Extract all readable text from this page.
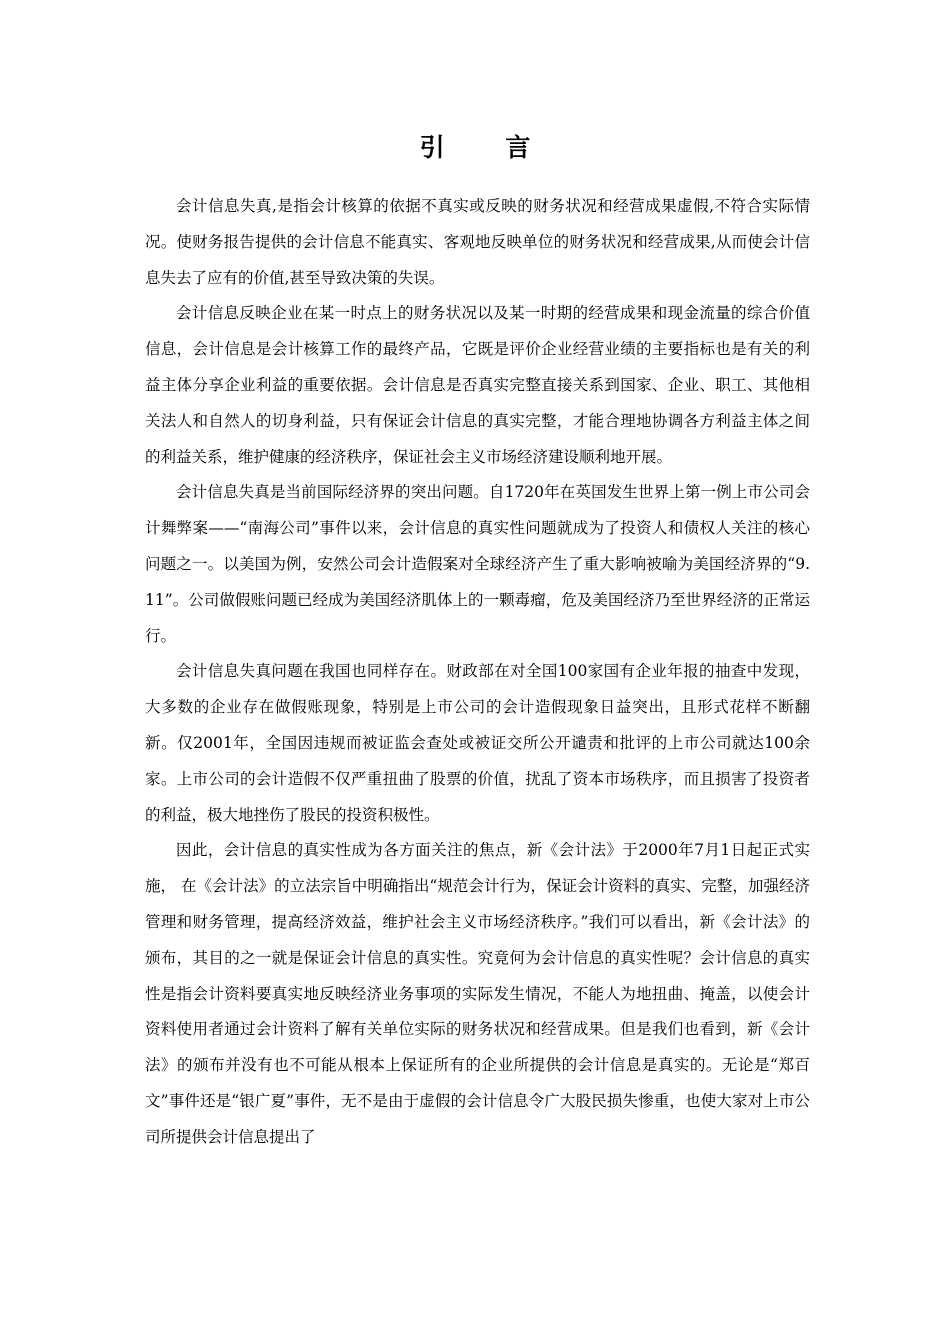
引 言

会计信息失真,是指会计核算的依据不真实或反映的财务状况和经营成果虚假,不符合实际情况。使财务报告提供的会计信息不能真实、客观地反映单位的财务状况和经营成果,从而使会计信息失去了应有的价值,甚至导致决策的失误。

会计信息反映企业在某一时点上的财务状况以及某一时期的经营成果和现金流量的综合价值信息，会计信息是会计核算工作的最终产品，它既是评价企业经营业绩的主要指标也是有关的利益主体分享企业利益的重要依据。会计信息是否真实完整直接关系到国家、企业、职工、其他相关法人和自然人的切身利益，只有保证会计信息的真实完整，才能合理地协调各方利益主体之间的利益关系，维护健康的经济秩序，保证社会主义市场经济建设顺利地开展。

会计信息失真是当前国际经济界的突出问题。自1720年在英国发生世界上第一例上市公司会计舞弊案——“南海公司”事件以来，会计信息的真实性问题就成为了投资人和债权人关注的核心问题之一。以美国为例，安然公司会计造假案对全球经济产生了重大影响被喻为美国经济界的“9.11”。公司做假账问题已经成为美国经济肌体上的一颗毒瘤，危及美国经济乃至世界经济的正常运行。

会计信息失真问题在我国也同样存在。财政部在对全国100家国有企业年报的抽查中发现，大多数的企业存在做假账现象，特别是上市公司的会计造假现象日益突出，且形式花样不断翻新。仅2001年，全国因违规而被证监会查处或被证交所公开谴责和批评的上市公司就达100余家。上市公司的会计造假不仅严重扭曲了股票的价值，扰乱了资本市场秩序，而且损害了投资者的利益，极大地挫伤了股民的投资积极性。

因此，会计信息的真实性成为各方面关注的焦点，新《会计法》于2000年7月1日起正式实施， 在《会计法》的立法宗旨中明确指出“规范会计行为，保证会计资料的真实、完整，加强经济管理和财务管理，提高经济效益，维护社会主义市场经济秩序。”我们可以看出，新《会计法》的颁布，其目的之一就是保证会计信息的真实性。究竟何为会计信息的真实性呢？会计信息的真实性是指会计资料要真实地反映经济业务事项的实际发生情况，不能人为地扭曲、掩盖，以使会计资料使用者通过会计资料了解有关单位实际的财务状况和经营成果。但是我们也看到，新《会计法》的颁布并没有也不可能从根本上保证所有的企业所提供的会计信息是真实的。无论是“郑百文”事件还是“银广夏”事件，无不是由于虚假的会计信息令广大股民损失惨重，也使大家对上市公司所提供会计信息提出了
